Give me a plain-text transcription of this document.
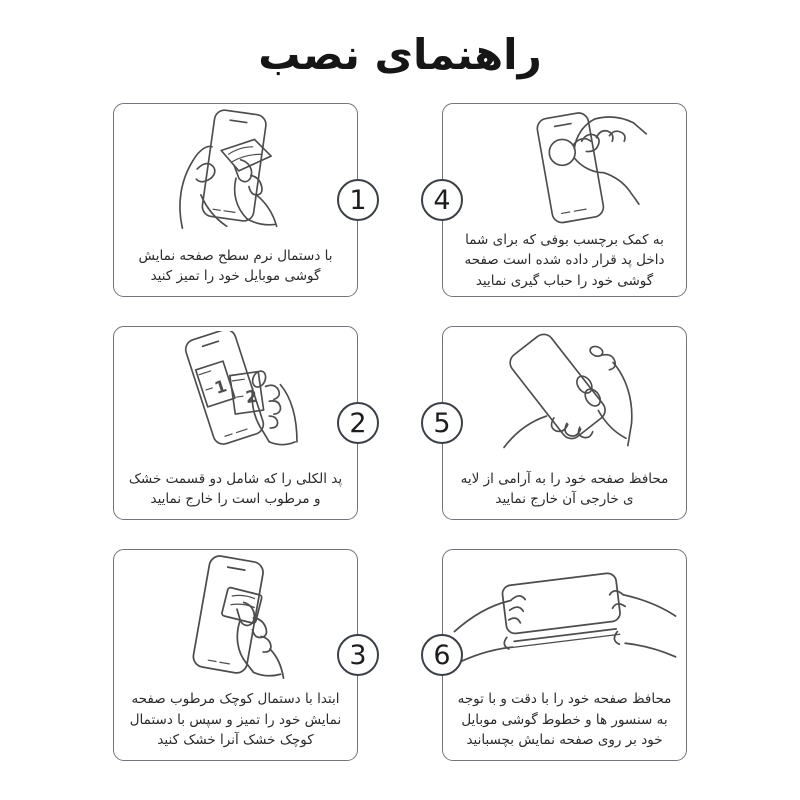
راهنمای نصب

با دستمال نرم سطح صفحه نمایش گوشی موبایل خود را تمیز کنید

1

به کمک برچسب بوفی که برای شما داخل پد قرار داده شده است صفحه گوشی خود را حباب گیری نمایید

4
1 2

پد الکلی را که شامل دو قسمت خشک و مرطوب است را خارج نمایید

2

محافظ صفحه خود را به آرامی از لایه ی خارجی آن خارج نمایید

5

ابتدا با دستمال کوچک مرطوب صفحه نمایش خود را تمیز و سپس با دستمال کوچک خشک آنرا خشک کنید

3

محافظ صفحه خود را با دقت و با توجه به سنسور ها و خطوط گوشی موبایل خود بر روی صفحه نمایش بچسبانید

6
